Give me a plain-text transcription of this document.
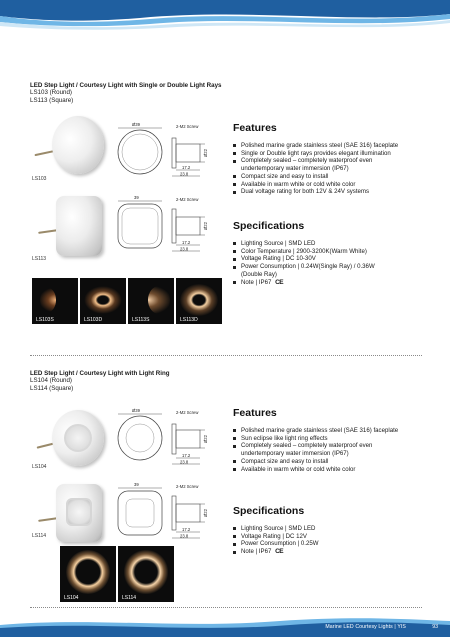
LED Step Light / Courtesy Light with Single or Double Light Rays
LS103 (Round)
LS113 (Square)
LS103
Ø39	2-M2 Screw
Ø22
17.2
23.8
LS113
39	2-M2 Screw
Ø22
17.2
23.8
Features
Polished marine grade stainless steel (SAE 316) faceplate
Single or Double light rays provides elegant illumination
Completely sealed – completely waterproof even
undertemporary water immersion (IP67)
Compact size and easy to install
Available in warm white or cold white color
Dual voltage rating for both 12V & 24V systems
Specifications
Lighting Source | SMD LED
Color Temperature | 2900-3200K(Warm White)
Voltage Rating | DC 10-30V
Power Consumption | 0.24W(Single Ray) / 0.36W
(Double Ray)
Note | IP67 CE
LS103S	LS103D	LS113S	LS113D
LED Step Light / Courtesy Light with Light Ring
LS104 (Round)
LS114 (Square)
LS104
Ø39	2-M2 Screw
Ø22
17.2
23.8
LS114
39	2-M2 Screw
Ø22
17.2
23.8
Features
Polished marine grade stainless steel (SAE 316) faceplate
Sun eclipse like light ring effects
Completely sealed – completely waterproof even
undertemporary water immersion (IP67)
Compact size and easy to install
Available in warm white or cold white color
Specifications
Lighting Source | SMD LED
Voltage Rating | DC 12V
Power Consumption | 0.25W
Note | IP67 CE
LS104	LS114
Marine LED Courtesy Lights | YIS	93
